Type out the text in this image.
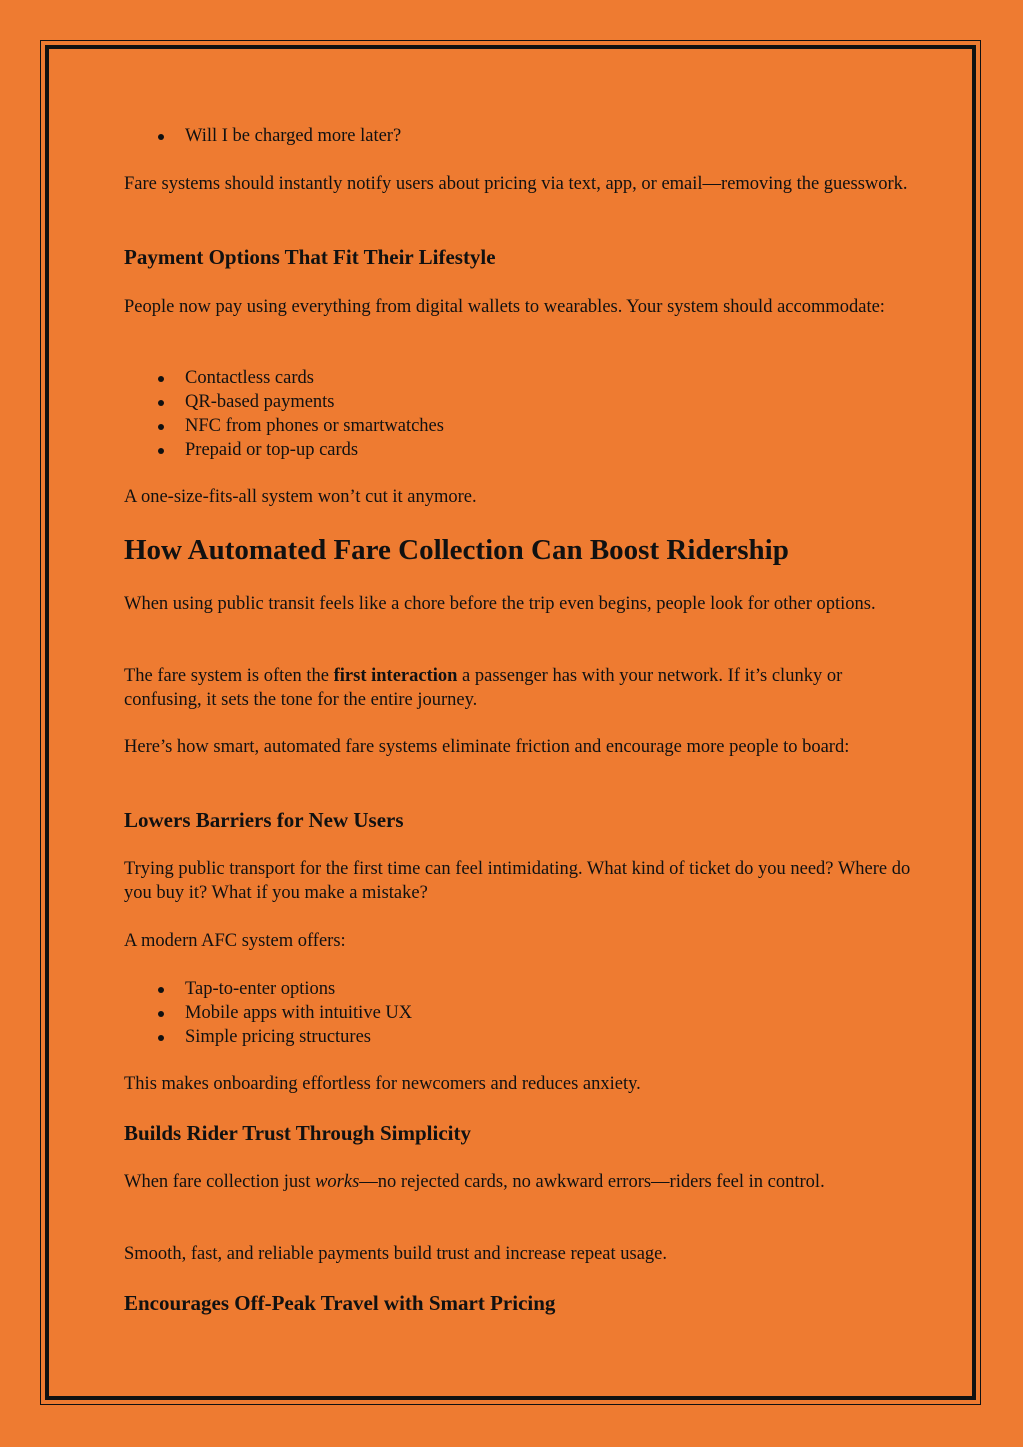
Will I be charged more later?

Fare systems should instantly notify users about pricing via text, app, or email—removing the guesswork.

Payment Options That Fit Their Lifestyle

People now pay using everything from digital wallets to wearables. Your system should accommodate:

Contactless cards
QR-based payments
NFC from phones or smartwatches
Prepaid or top-up cards

A one-size-fits-all system won’t cut it anymore.

How Automated Fare Collection Can Boost Ridership

When using public transit feels like a chore before the trip even begins, people look for other options.

The fare system is often the first interaction a passenger has with your network. If it’s clunky or confusing, it sets the tone for the entire journey.

Here’s how smart, automated fare systems eliminate friction and encourage more people to board:

Lowers Barriers for New Users

Trying public transport for the first time can feel intimidating. What kind of ticket do you need? Where do you buy it? What if you make a mistake?

A modern AFC system offers:

Tap-to-enter options
Mobile apps with intuitive UX
Simple pricing structures

This makes onboarding effortless for newcomers and reduces anxiety.

Builds Rider Trust Through Simplicity

When fare collection just works—no rejected cards, no awkward errors—riders feel in control.

Smooth, fast, and reliable payments build trust and increase repeat usage.

Encourages Off-Peak Travel with Smart Pricing
